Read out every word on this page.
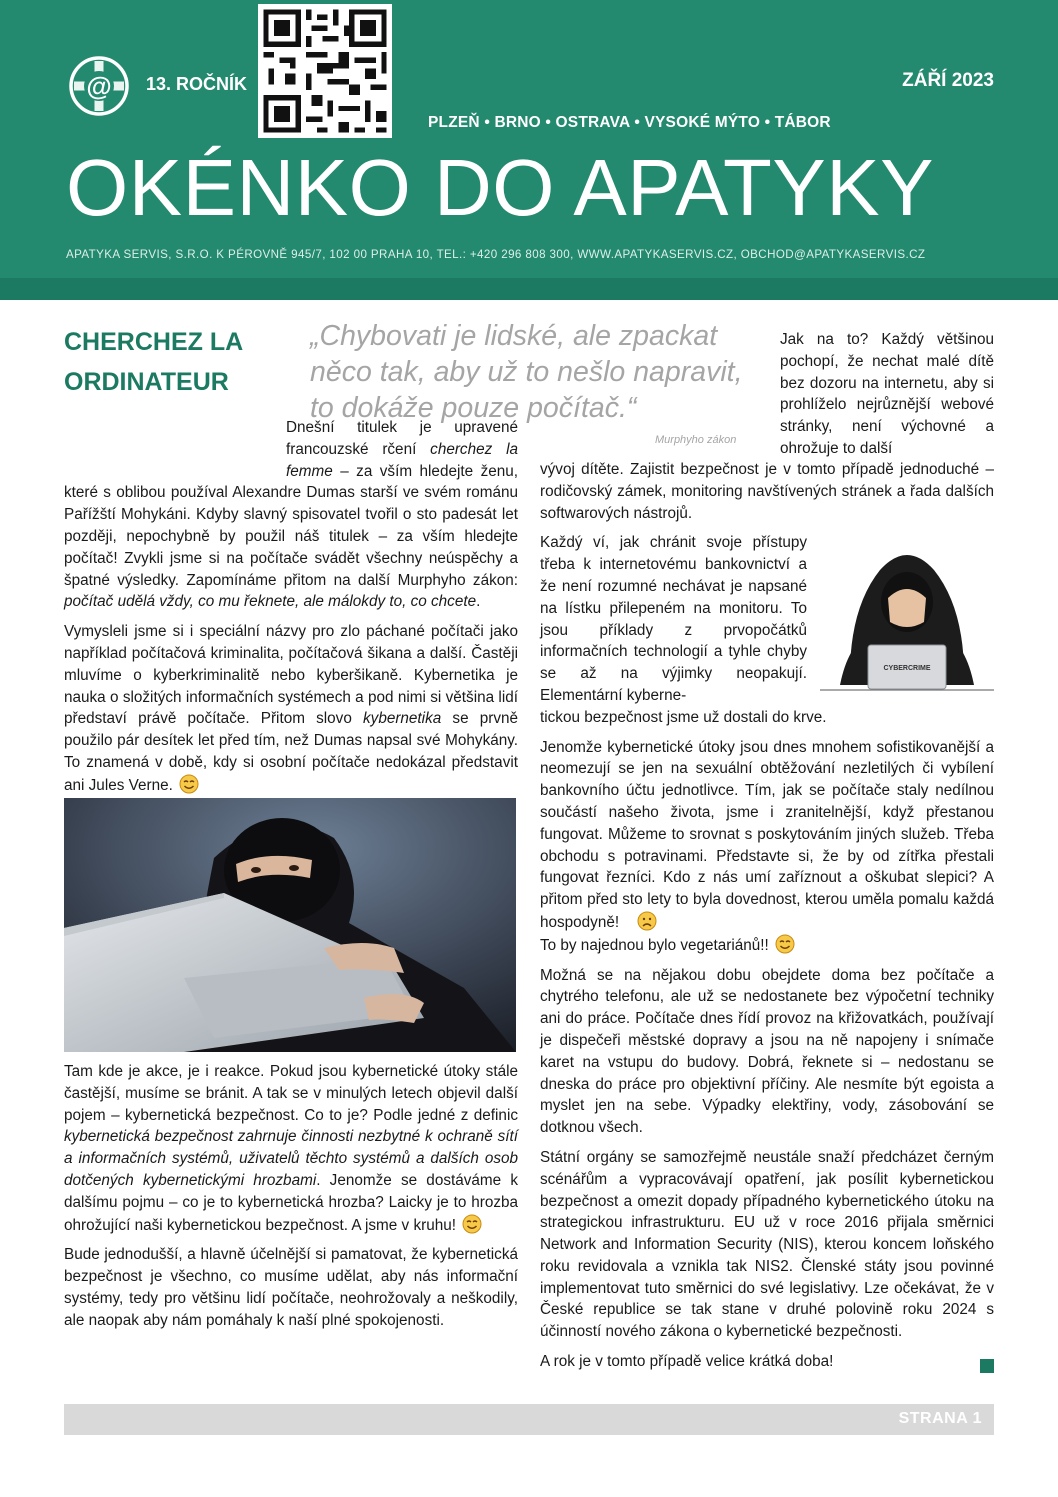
@ 13. ROČNÍK	ZÁŘÍ 2023
PLZEŇ • BRNO • OSTRAVA • VYSOKÉ MÝTO • TÁBOR
OKÉNKO DO APATYKY
APATYKA SERVIS, S.R.O. K PÉROVNĚ 945/7, 102 00 PRAHA 10, TEL.: +420 296 808 300, WWW.APATYKASERVIS.CZ, OBCHOD@APATYKASERVIS.CZ
CHERCHEZ LA ORDINATEUR
„Chybovati je lidské, ale zpackat něco tak, aby už to nešlo napravit, to dokáže pouze počítač.“
Murphyho zákon

Dnešní titulek je upravené francouzské rčení cherchez la femme – za vším hledejte ženu, které s oblibou používal Alexandre Dumas starší ve svém románu Pařížští Mohykáni. Kdyby slavný spisovatel tvořil o sto padesát let později, nepochybně by použil náš titulek – za vším hledejte počítač! Zvykli jsme si na počítače svádět všechny neúspěchy a špatné výsledky. Zapomínáme přitom na další Murphyho zákon: počítač udělá vždy, co mu řeknete, ale málokdy to, co chcete.

Vymysleli jsme si i speciální názvy pro zlo páchané počítači jako například počítačová kriminalita, počítačová šikana a další. Častěji mluvíme o kyberkriminalitě nebo kyberšikaně. Kybernetika je nauka o složitých informačních systémech a pod nimi si většina lidí představí právě počítače. Přitom slovo kybernetika se prvně použilo pár desítek let před tím, než Dumas napsal své Mohykány. To znamená v době, kdy si osobní počítače nedokázal představit ani Jules Verne.

Tam kde je akce, je i reakce. Pokud jsou kybernetické útoky stále častější, musíme se bránit. A tak se v minulých letech objevil další pojem – kybernetická bezpečnost. Co to je? Podle jedné z definic kybernetická bezpečnost zahrnuje činnosti nezbytné k ochraně sítí a informačních systémů, uživatelů těchto systémů a dalších osob dotčených kybernetickými hrozbami. Jenomže se dostáváme k dalšímu pojmu – co je to kybernetická hrozba? Laicky je to hrozba ohrožující naši kybernetickou bezpečnost. A jsme v kruhu!

Bude jednodušší, a hlavně účelnější si pamatovat, že kybernetická bezpečnost je všechno, co musíme udělat, aby nás informační systémy, tedy pro většinu lidí počítače, neohrožovaly a neškodily, ale naopak aby nám pomáhaly k naší plné spokojenosti.

Jak na to? Každý většinou pochopí, že nechat malé dítě bez dozoru na internetu, aby si prohlíželo nejrůznější webové stránky, není výchovné a ohrožuje to další

vývoj dítěte. Zajistit bezpečnost je v tomto případě jednoduché – rodičovský zámek, monitoring navštívených stránek a řada dalších softwarových nástrojů.

Každý ví, jak chránit svoje přístupy třeba k internetovému bankovnictví a že není rozumné nechávat je napsané na lístku přilepeném na monitoru. To jsou příklady z prvopočátků informačních technologií a tyhle chyby se až na výjimky neopakují. Elementární kyberne-

tickou bezpečnost jsme už dostali do krve.

Jenomže kybernetické útoky jsou dnes mnohem sofistikovanější a neomezují se jen na sexuální obtěžování nezletilých či vybílení bankovního účtu jednotlivce. Tím, jak se počítače staly nedílnou součástí našeho života, jsme i zranitelnější, když přestanou fungovat. Můžeme to srovnat s poskytováním jiných služeb. Třeba obchodu s potravinami. Představte si, že by od zítřka přestali fungovat řezníci. Kdo z nás umí zaříznout a oškubat slepici? A přitom před sto lety to byla dovednost, kterou uměla pomalu každá hospodyně!

To by najednou bylo vegetariánů!!

Možná se na nějakou dobu obejdete doma bez počítače a chytrého telefonu, ale už se nedostanete bez výpočetní techniky ani do práce. Počítače dnes řídí provoz na křižovatkách, používají je dispečeři městské dopravy a jsou na ně napojeny i snímače karet na vstupu do budovy. Dobrá, řeknete si – nedostanu se dneska do práce pro objektivní příčiny. Ale nesmíte být egoista a myslet jen na sebe. Výpadky elektřiny, vody, zásobování se dotknou všech.

Státní orgány se samozřejmě neustále snaží předcházet černým scénářům a vypracovávají opatření, jak posílit kybernetickou bezpečnost a omezit dopady případného kybernetického útoku na strategickou infrastrukturu. EU už v roce 2016 přijala směrnici Network and Information Security (NIS), kterou koncem loňského roku revidovala a vznikla tak NIS2. Členské státy jsou povinné implementovat tuto směrnici do své legislativy. Lze očekávat, že v České republice se tak stane v druhé polovině roku 2024 s účinností nového zákona o kybernetické bezpečnosti.

A rok je v tomto případě velice krátká doba!

CYBERCRIME
STRANA 1
